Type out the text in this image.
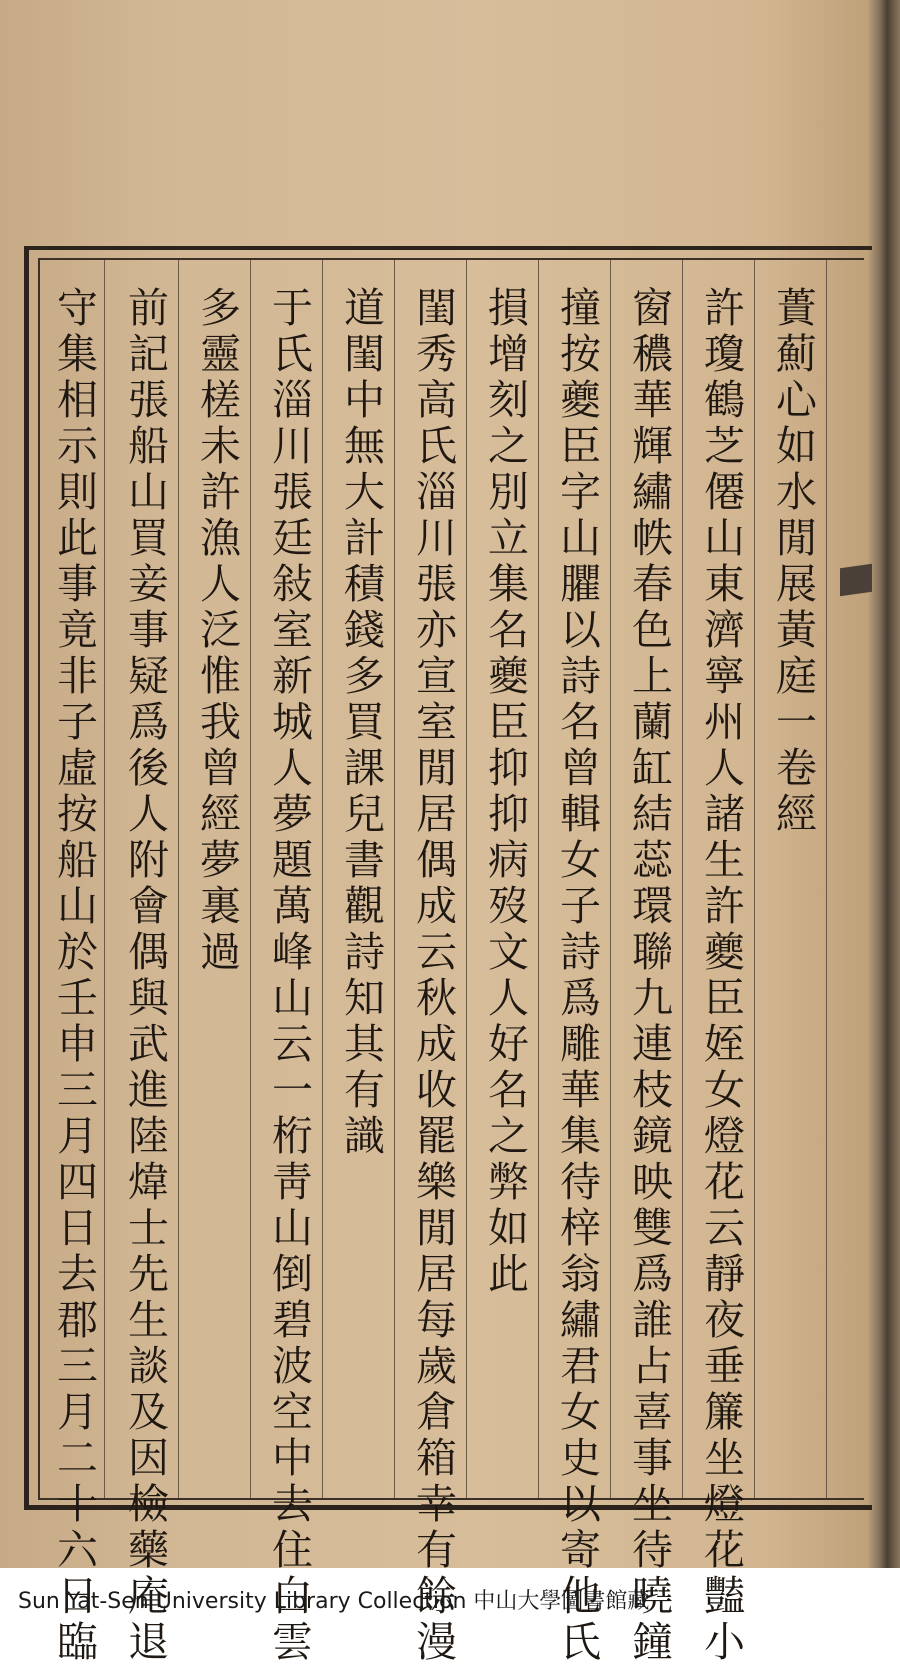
蕢薊心如水閒展黃庭一卷經
許瓊鶴芝僊山東濟寧州人諸生許夔臣姪女燈花云靜夜垂簾坐燈花豔小
窗穠華輝繡帙春色上蘭缸結蕊環聯九連枝鏡映雙爲誰占喜事坐待曉鐘
撞按夔臣字山臞以詩名曾輯女子詩爲雕華集待梓翁繡君女史以寄他氏
損增刻之別立集名夔臣抑抑病歿文人好名之弊如此
閨秀高氏淄川張亦宣室閒居偶成云秋成收罷樂閒居每歲倉箱幸有餘漫
道閨中無大計積錢多買課兒書觀詩知其有識
于氏淄川張廷敍室新城人夢題萬峰山云一桁靑山倒碧波空中去住白雲
多靈槎未許漁人泛惟我曾經夢裏過
前記張船山買妾事疑爲後人附會偶與武進陸煒士先生談及因檢藥庵退
守集相示則此事竟非子虛按船山於壬申三月四日去郡三月二十六日臨
Sun Yat-Sen University Library Collection 中山大學圖書館藏
